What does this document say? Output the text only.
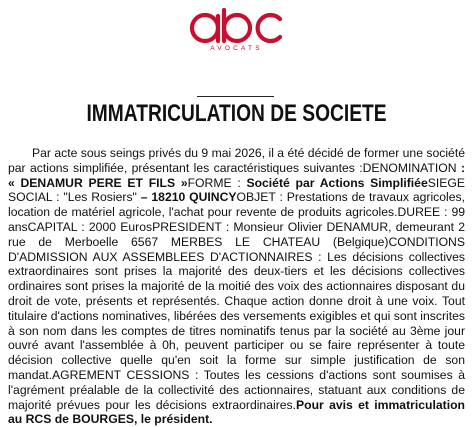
AVOCATS
IMMATRICULATION DE SOCIETE

Par acte sous seings privés du 9 mai 2026, il a été décidé de former une société par actions simplifiée, présentant les caractéristiques suivantes :DENOMINATION : « DENAMUR PERE ET FILS »FORME : Société par Actions SimplifiéeSIEGE SOCIAL : "Les Rosiers" – 18210 QUINCYOBJET : Prestations de travaux agricoles, location de matériel agricole, l'achat pour revente de produits agricoles.DUREE : 99 ansCAPITAL : 2000 EurosPRESIDENT : Monsieur Olivier DENAMUR, demeurant 2 rue de Merboelle 6567 MERBES LE CHATEAU (Belgique)CONDITIONS D'ADMISSION AUX ASSEMBLEES D'ACTIONNAIRES : Les décisions collectives extraordinaires sont prises la majorité des deux-tiers et les décisions collectives ordinaires sont prises la majorité de la moitié des voix des actionnaires disposant du droit de vote, présents et représentés. Chaque action donne droit à une voix. Tout titulaire d'actions nominatives, libérées des versements exigibles et qui sont inscrites à son nom dans les comptes de titres nominatifs tenus par la société au 3ème jour ouvré avant l'assemblée à 0h, peuvent participer ou se faire représenter à toute décision collective quelle qu'en soit la forme sur simple justification de son mandat.AGREMENT CESSIONS : Toutes les cessions d'actions sont soumises à l'agrément préalable de la collectivité des actionnaires, statuant aux conditions de majorité prévues pour les décisions extraordinaires.Pour avis et immatriculation au RCS de BOURGES, le président.
